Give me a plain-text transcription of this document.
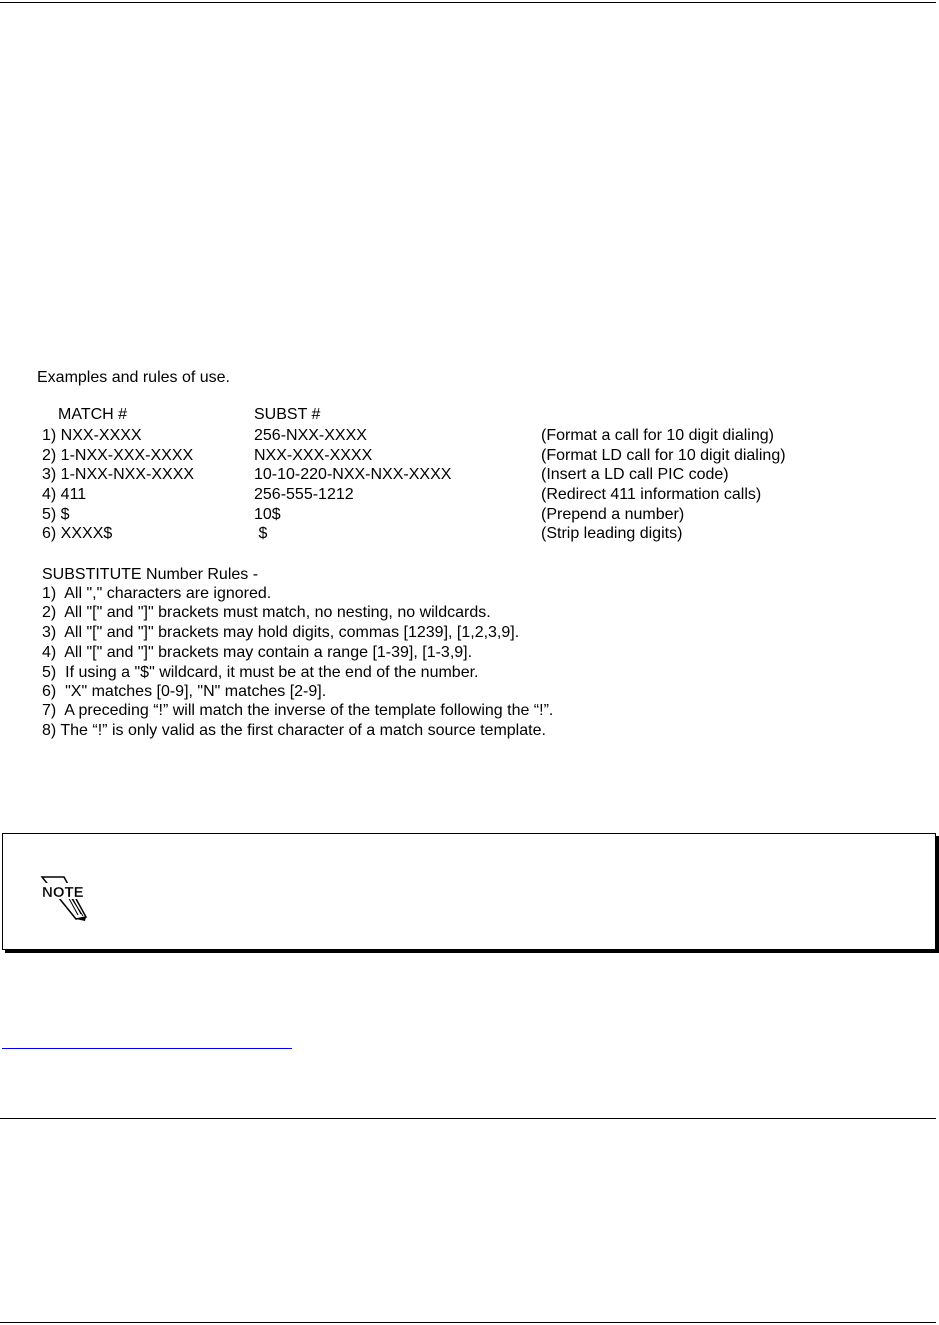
Examples and rules of use.
MATCH #	SUBST #
1) NXX-XXXX	256-NXX-XXXX	(Format a call for 10 digit dialing)
2) 1-NXX-XXX-XXXX	NXX-XXX-XXXX	(Format LD call for 10 digit dialing)
3) 1-NXX-NXX-XXXX	10-10-220-NXX-NXX-XXXX	(Insert a LD call PIC code)
4) 411	256-555-1212	(Redirect 411 information calls)
5) $	10$	(Prepend a number)
6) XXXX$	$	(Strip leading digits)
SUBSTITUTE Number Rules -
1)  All "," characters are ignored.
2)  All "[" and "]" brackets must match, no nesting, no wildcards.
3)  All "[" and "]" brackets may hold digits, commas [1239], [1,2,3,9].
4)  All "[" and "]" brackets may contain a range [1-39], [1-3,9].
5)  If using a "$" wildcard, it must be at the end of the number.
6)  "X" matches [0-9], "N" matches [2-9].
7)  A preceding “!” will match the inverse of the template following the “!”.
8) The “!” is only valid as the first character of a match source template.
NOTE
